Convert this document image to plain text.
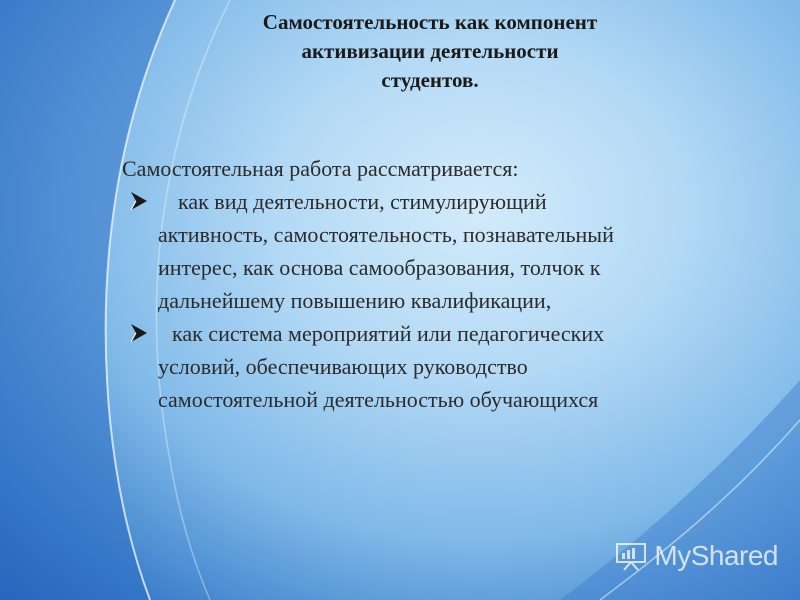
Самостоятельность как компонент
активизации деятельности
студентов.

Самостоятельная работа рассматривается:

как вид деятельности, стимулирующий
активность, самостоятельность, познавательный
интерес, как основа самообразования, толчок к
дальнейшему повышению квалификации,
как система мероприятий или педагогических
условий, обеспечивающих руководство
самостоятельной деятельностью обучающихся
MyShared
